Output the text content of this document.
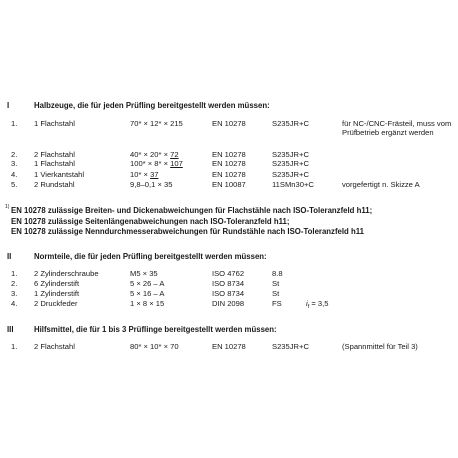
I	Halbzeuge, die für jeden Prüfling bereitgestellt werden müssen:
1. 1 Flachstahl	70* × 12* × 215	EN 10278	S235JR+C	für NC-/CNC-Frästeil, muss vom Prüfbetrieb ergänzt werden
2. 2 Flachstahl	40* × 20* × 72	EN 10278	S235JR+C
3. 1 Flachstahl	100* × 8* × 107	EN 10278	S235JR+C
4. 1 Vierkantstahl	10* × 37	EN 10278	S235JR+C
5. 2 Rundstahl	9,8–0,1 × 35	EN 10087	11SMn30+C	vorgefertigt n. Skizze A
1) EN 10278 zulässige Breiten- und Dickenabweichungen für Flachstähle nach ISO-Toleranzfeld h11;
EN 10278 zulässige Seitenlängenabweichungen nach ISO-Toleranzfeld h11;
EN 10278 zulässige Nenndurchmesserabweichungen für Rundstähle nach ISO-Toleranzfeld h11
II	Normteile, die für jeden Prüfling bereitgestellt werden müssen:
1. 2 Zylinderschraube	M5 × 35	ISO 4762	8.8
2. 6 Zylinderstift	5 × 26 – A	ISO 8734	St
3. 1 Zylinderstift	5 × 16 – A	ISO 8734	St
4. 2 Druckfeder	1 × 8 × 15	DIN 2098	FS	$i_f = 3,5$
III	Hilfsmittel, die für 1 bis 3 Prüflinge bereitgestellt werden müssen:
1. 2 Flachstahl	80* × 10* × 70	EN 10278	S235JR+C	(Spannmittel für Teil 3)
